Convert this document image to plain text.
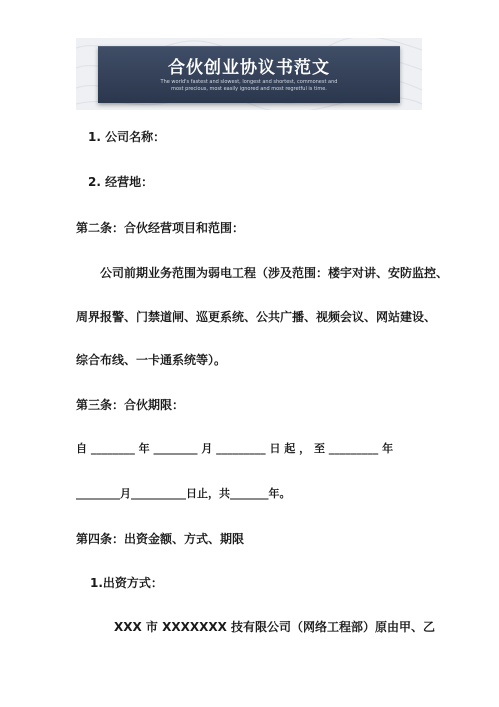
合伙创业协议书范文
The world's fastest and slowest, longest and shortest, commonest and
most precious, most easily ignored and most regretful is time.
1. 公司名称：
2. 经营地：
第二条：合伙经营项目和范围：
公司前期业务范围为弱电工程（涉及范围：楼宇对讲、安防监控、
周界报警、门禁道闸、巡更系统、公共广播、视频会议、网站建设、
综合布线、一卡通系统等）。
第三条：合伙期限：
自 ________ 年 ________ 月 _________ 日 起 ， 至 _________ 年
________月__________日止，共_______年。
第四条：出资金额、方式、期限
1.出资方式：
XXX 市 XXXXXXX 技有限公司（网络工程部）原由甲、乙
